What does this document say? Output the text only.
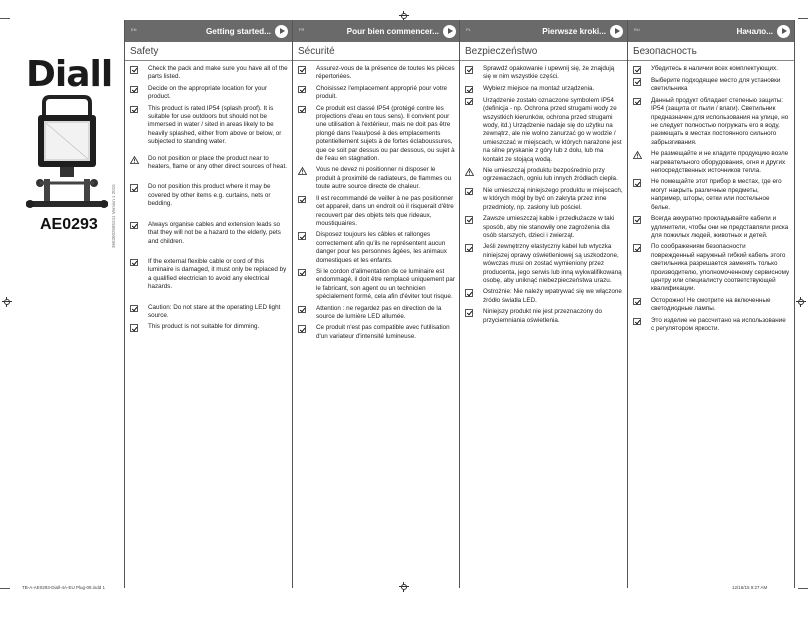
Diall
AE0293	3663602585241 Version 1 2015
EN	Getting started...
Safety
Check the pack and make sure you have all of the parts listed.
Decide on the appropriate location for your product.
This product is rated IP54 (splash proof). It is suitable for use outdoors but should not be immersed in water / sited in areas likely to be heavily splashed, either from above or below, or subjected to standing water.
Do not position or place the product near to heaters, flame or any other direct sources of heat.
Do not position this product where it may be covered by other items e.g. curtains, nets or bedding.
Always organise cables and extension leads so that they will not be a hazard to the elderly, pets and children.
If the external flexible cable or cord of this luminaire is damaged, it must only be replaced by a qualified electrician to avoid any electrical hazards.
Caution: Do not stare at the operating LED light source.
This product is not suitable for dimming.
FR	Pour bien commencer...
Sécurité
Assurez-vous de la présence de toutes les pièces répertoriées.
Choisissez l'emplacement approprié pour votre produit.
Ce produit est classé IP54 (protégé contre les projections d'eau en tous sens). Il convient pour une utilisation à l'extérieur, mais ne doit pas être plongé dans l'eau/posé à des emplacements potentiellement sujets à de fortes éclaboussures, que ce soit par dessus ou par dessous, ou sujet à de l'eau en stagnation.
Vous ne devez ni positionner ni disposer le produit à proximité de radiateurs, de flammes ou toute autre source directe de chaleur.
Il est recommandé de veiller à ne pas positionner cet appareil, dans un endroit où il risquerait d'être recouvert par des objets tels que rideaux, moustiquaires.
Disposez toujours les câbles et rallonges correctement afin qu'ils ne représentent aucun danger pour les personnes âgées, les animaux domestiques et les enfants.
Si le cordon d'alimentation de ce luminaire est endommagé, il doit être remplacé uniquement par le fabricant, son agent ou un technicien spécialement formé, cela afin d'éviter tout risque.
Attention : ne regardez pas en direction de la source de lumière LED allumée.
Ce produit n'est pas compatible avec l'utilisation d'un variateur d'intensité lumineuse.
PL	Pierwsze kroki...
Bezpieczeństwo
Sprawdź opakowanie i upewnij się, że znajdują się w nim wszystkie części.
Wybierz miejsce na montaż urządzenia.
Urządzenie zostało oznaczone symbolem IP54 (definicja - np. Ochrona przed strugami wody ze wszystkich kierunków, ochrona przed strugami wody, itd.) Urządzenie nadaje się do użytku na zewnątrz, ale nie wolno zanurzać go w wodzie / umieszczać w miejscach, w których narażone jest na silne pryskanie z góry lub z dołu, lub ma kontakt ze stojącą wodą.
Nie umieszczaj produktu bezpośrednio przy ogrzewaczach, ogniu lub innych źródłach ciepła.
Nie umieszczaj niniejszego produktu w miejscach, w których mógł by być on zakryta przez inne przedmioty, np. zasłony lub pościel.
Zawsze umieszczaj kable i przedłużacze w taki sposób, aby nie stanowiły one zagrożenia dla osób starszych, dzieci i zwierząt.
Jeśli zewnętrzny elastyczny kabel lub wtyczka niniejszej oprawy oświetleniowej są uszkodzone, wówczas musi on zostać wymieniony przez producenta, jego serwis lub inną wykwalifikowaną osobę, aby uniknąć niebezpieczeństwa urazu.
Ostrożnie: Nie należy wpatrywać się we włączone źródło światła LED.
Niniejszy produkt nie jest przeznaczony do przyciemniania oświetlenia.
RU	Начало...
Безопасность
Убедитесь в наличии всех комплектующих.
Выберите подходящее место для установки светильника
Данный продукт обладает степенью защиты: IP54 (защита от пыли / влаги). Светильник предназначен для использования на улице, но не следует полностью погружать его в воду, размещать в местах постоянного сильного забрызгивания.
Не размещайте и не кладите продукцию возле нагревательного оборудования, огня и других непосредственных источников тепла.
Не помещайте этот прибор в местах, где его могут накрыть различные предметы, например, шторы, сетки или постельное белье.
Всегда аккуратно прокладывайте кабели и удлинители, чтобы они не представляли риска для пожилых людей, животных и детей.
По соображениям безопасности поврежденный наружный гибкий кабель этого светильника разрешается заменять только производителю, уполномоченному сервисному центру или специалисту соответствующей квалификации.
Осторожно! Не смотрите на включенные светодиодные лампы.
Это изделие не рассчитано на использование с регулятором яркости.
TB-A-AE0293-Diall-4A-EU Plug-08.indd 1	12/16/15 9:27 AM
